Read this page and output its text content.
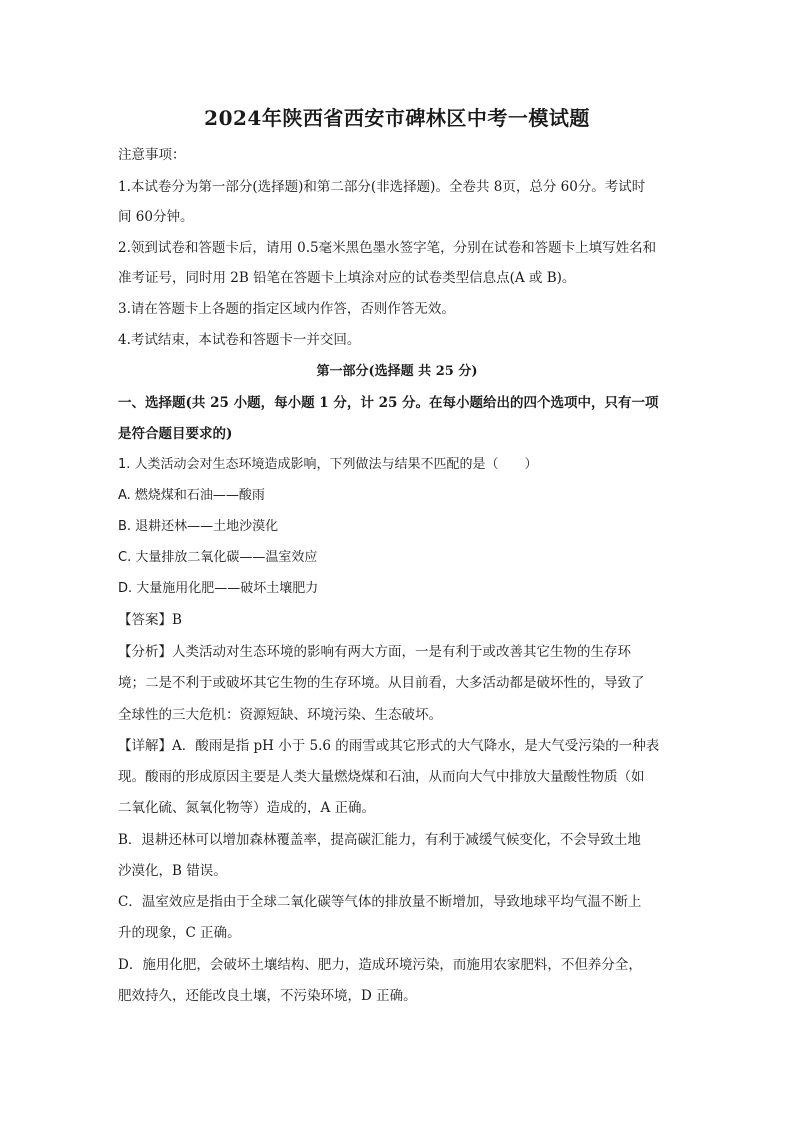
2024年陕西省西安市碑林区中考一模试题
注意事项：
1.本试卷分为第一部分(选择题)和第二部分(非选择题)。全卷共 8页，总分 60分。考试时
间 60分钟。
2.领到试卷和答题卡后，请用 0.5毫米黑色墨水签字笔，分别在试卷和答题卡上填写姓名和
准考证号，同时用 2B 铅笔在答题卡上填涂对应的试卷类型信息点(A 或 B)。
3.请在答题卡上各题的指定区域内作答，否则作答无效。
4.考试结束，本试卷和答题卡一并交回。
第一部分(选择题 共 25 分)
一、选择题(共 25 小题，每小题 1 分，计 25 分。在每小题给出的四个选项中，只有一项
是符合题目要求的)
1. 人类活动会对生态环境造成影响，下列做法与结果不匹配的是（　　）
A. 燃烧煤和石油——酸雨
B. 退耕还林——土地沙漠化
C. 大量排放二氧化碳——温室效应
D. 大量施用化肥——破坏土壤肥力
【答案】B
【分析】人类活动对生态环境的影响有两大方面，一是有利于或改善其它生物的生存环
境；二是不利于或破坏其它生物的生存环境。从目前看，大多活动都是破坏性的，导致了
全球性的三大危机：资源短缺、环境污染、生态破坏。
【详解】A．酸雨是指 pH 小于 5.6 的雨雪或其它形式的大气降水，是大气受污染的一种表
现。酸雨的形成原因主要是人类大量燃烧煤和石油，从而向大气中排放大量酸性物质（如
二氧化硫、氮氧化物等）造成的，A 正确。
B．退耕还林可以增加森林覆盖率，提高碳汇能力，有利于减缓气候变化，不会导致土地
沙漠化，B 错误。
C．温室效应是指由于全球二氧化碳等气体的排放量不断增加，导致地球平均气温不断上
升的现象，C 正确。
D．施用化肥，会破坏土壤结构、肥力，造成环境污染，而施用农家肥料，不但养分全，
肥效持久，还能改良土壤，不污染环境，D 正确。
